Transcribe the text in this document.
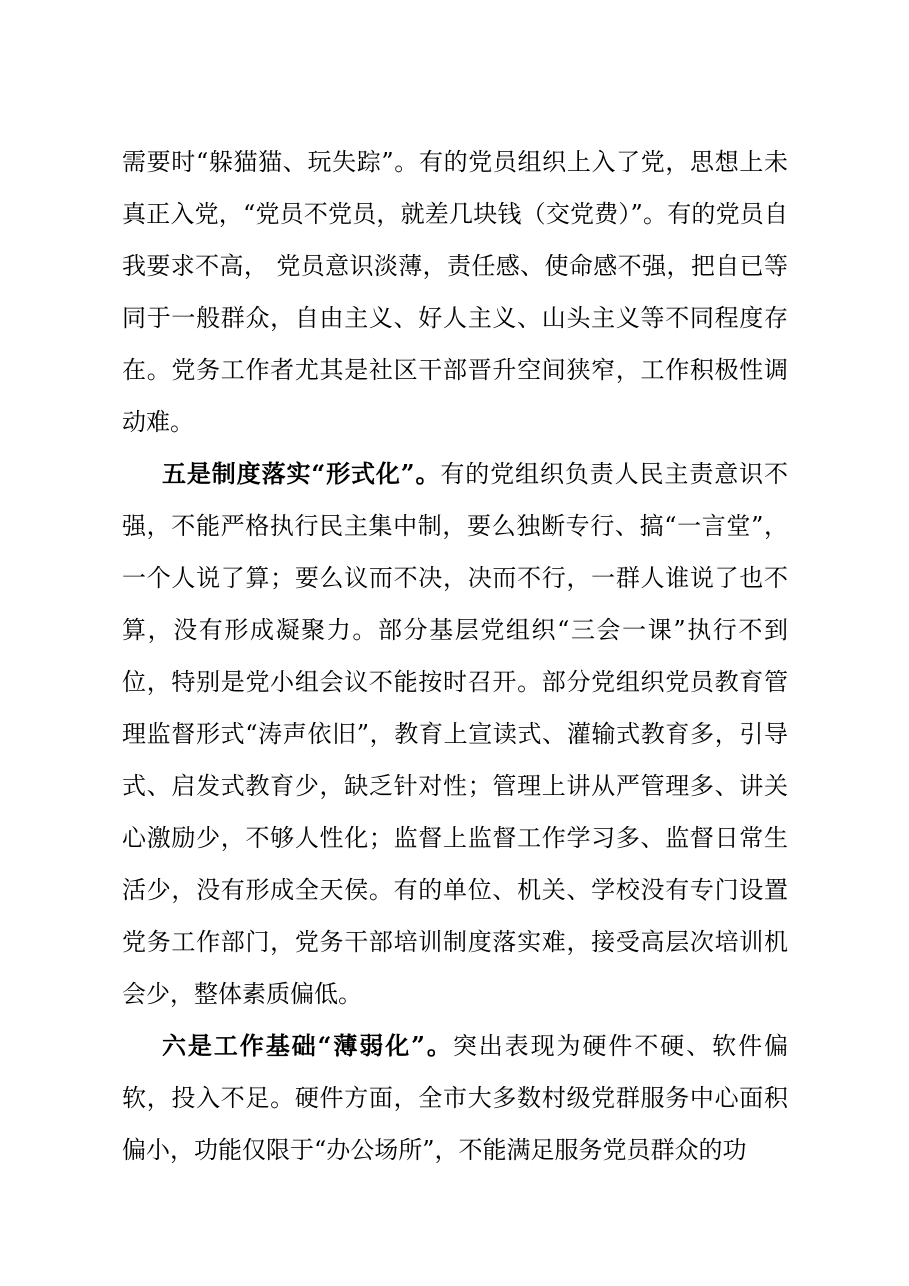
需要时“躲猫猫、玩失踪”。有的党员组织上入了党，思想上未真正入党，“党员不党员，就差几块钱（交党费）”。有的党员自我要求不高， 党员意识淡薄，责任感、使命感不强，把自已等同于一般群众，自由主义、好人主义、山头主义等不同程度存在。党务工作者尤其是社区干部晋升空间狭窄，工作积极性调动难。

五是制度落实“形式化”。有的党组织负责人民主责意识不强，不能严格执行民主集中制，要么独断专行、搞“一言堂”，一个人说了算；要么议而不决，决而不行，一群人谁说了也不算，没有形成凝聚力。部分基层党组织“三会一课”执行不到位，特别是党小组会议不能按时召开。部分党组织党员教育管理监督形式“涛声依旧”，教育上宣读式、灌输式教育多，引导式、启发式教育少，缺乏针对性；管理上讲从严管理多、讲关心激励少，不够人性化；监督上监督工作学习多、监督日常生活少，没有形成全天侯。有的单位、机关、学校没有专门设置党务工作部门，党务干部培训制度落实难，接受高层次培训机会少，整体素质偏低。

六是工作基础“薄弱化”。突出表现为硬件不硬、软件偏软，投入不足。硬件方面，全市大多数村级党群服务中心面积偏小，功能仅限于“办公场所”，不能满足服务党员群众的功
